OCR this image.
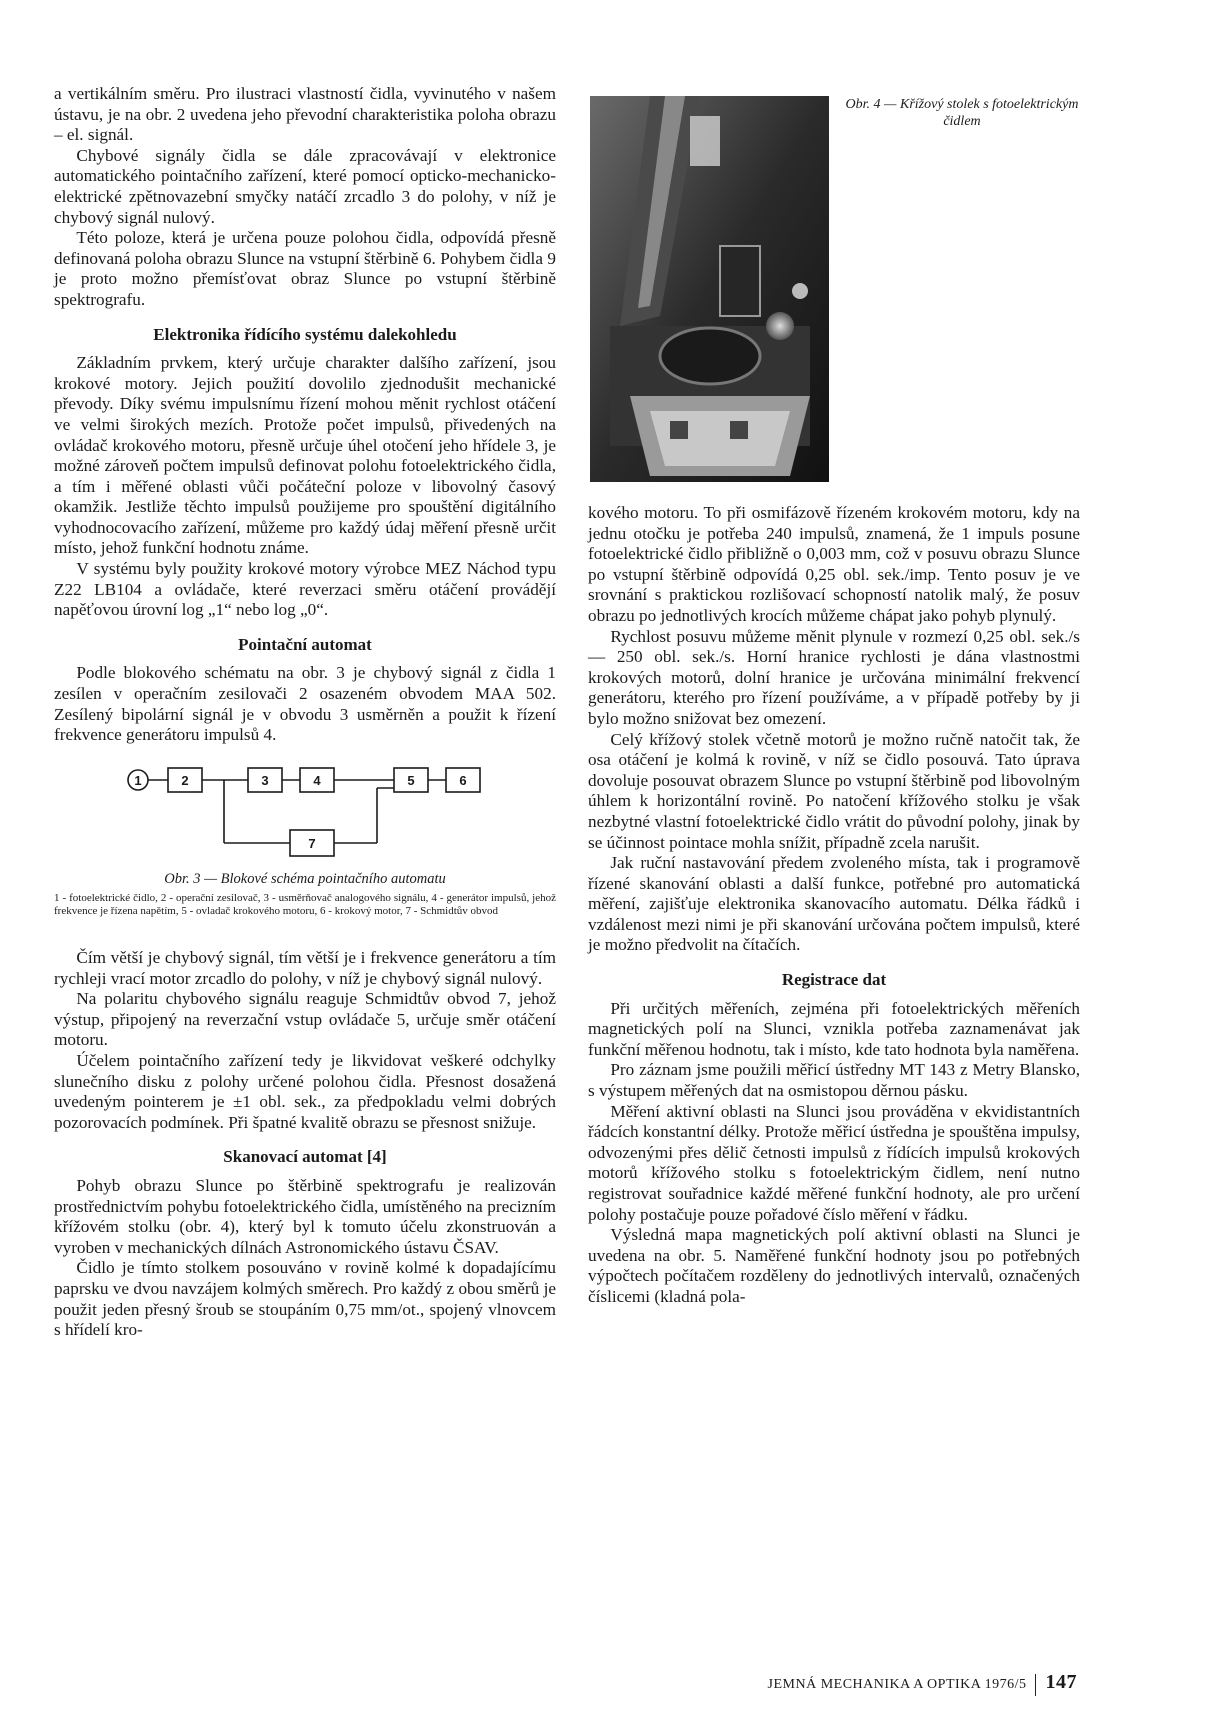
a vertikálním směru. Pro ilustraci vlastností čidla, vyvinutého v našem ústavu, je na obr. 2 uvedena jeho převodní charakteristika poloha obrazu – el. signál.

Chybové signály čidla se dále zpracovávají v elektronice automatického pointačního zařízení, které pomocí opticko-mechanicko-elektrické zpětnovazební smyčky natáčí zrcadlo 3 do polohy, v níž je chybový signál nulový.

Této poloze, která je určena pouze polohou čidla, odpovídá přesně definovaná poloha obrazu Slunce na vstupní štěrbině 6. Pohybem čidla 9 je proto možno přemísťovat obraz Slunce po vstupní štěrbině spektrografu.

Elektronika řídícího systému dalekohledu

Základním prvkem, který určuje charakter dalšího zařízení, jsou krokové motory. Jejich použití dovolilo zjednodušit mechanické převody. Díky svému impulsnímu řízení mohou měnit rychlost otáčení ve velmi širokých mezích. Protože počet impulsů, přivedených na ovládač krokového motoru, přesně určuje úhel otočení jeho hřídele 3, je možné zároveň počtem impulsů definovat polohu fotoelektrického čidla, a tím i měřené oblasti vůči počáteční poloze v libovolný časový okamžik. Jestliže těchto impulsů použijeme pro spouštění digitálního vyhodnocovacího zařízení, můžeme pro každý údaj měření přesně určit místo, jehož funkční hodnotu známe.

V systému byly použity krokové motory výrobce MEZ Náchod typu Z22 LB104 a ovládače, které reverzaci směru otáčení provádějí napěťovou úrovní log „1“ nebo log „0“.

Pointační automat

Podle blokového schématu na obr. 3 je chybový signál z čidla 1 zesílen v operačním zesilovači 2 osazeném obvodem MAA 502. Zesílený bipolární signál je v obvodu 3 usměrněn a použit k řízení frekvence generátoru impulsů 4.

1	2	3	4	5	6
7
Obr. 3 — Blokové schéma pointačního automatu
1 - fotoelektrické čidlo, 2 - operační zesilovač, 3 - usměrňovač analogového signálu, 4 - generátor impulsů, jehož frekvence je řízena napětím, 5 - ovladač krokového motoru, 6 - krokový motor, 7 - Schmidtův obvod

Čím větší je chybový signál, tím větší je i frekvence generátoru a tím rychleji vrací motor zrcadlo do polohy, v níž je chybový signál nulový.

Na polaritu chybového signálu reaguje Schmidtův obvod 7, jehož výstup, připojený na reverzační vstup ovládače 5, určuje směr otáčení motoru.

Účelem pointačního zařízení tedy je likvidovat veškeré odchylky slunečního disku z polohy určené polohou čidla. Přesnost dosažená uvedeným pointerem je ±1 obl. sek., za předpokladu velmi dobrých pozorovacích podmínek. Při špatné kvalitě obrazu se přesnost snižuje.

Skanovací automat [4]

Pohyb obrazu Slunce po štěrbině spektrografu je realizován prostřednictvím pohybu fotoelektrického čidla, umístěného na precizním křížovém stolku (obr. 4), který byl k tomuto účelu zkonstruován a vyroben v mechanických dílnách Astronomického ústavu ČSAV.

Čidlo je tímto stolkem posouváno v rovině kolmé k dopadajícímu paprsku ve dvou navzájem kolmých směrech. Pro každý z obou směrů je použit jeden přesný šroub se stoupáním 0,75 mm/ot., spojený vlnovcem s hřídelí kro-

Obr. 4 — Křížový stolek s fotoelektrickým čidlem

kového motoru. To při osmifázově řízeném krokovém motoru, kdy na jednu otočku je potřeba 240 impulsů, znamená, že 1 impuls posune fotoelektrické čidlo přibližně o 0,003 mm, což v posuvu obrazu Slunce po vstupní štěrbině odpovídá 0,25 obl. sek./imp. Tento posuv je ve srovnání s praktickou rozlišovací schopností natolik malý, že posuv obrazu po jednotlivých krocích můžeme chápat jako pohyb plynulý.

Rychlost posuvu můžeme měnit plynule v rozmezí 0,25 obl. sek./s — 250 obl. sek./s. Horní hranice rychlosti je dána vlastnostmi krokových motorů, dolní hranice je určována minimální frekvencí generátoru, kterého pro řízení používáme, a v případě potřeby by ji bylo možno snižovat bez omezení.

Celý křížový stolek včetně motorů je možno ručně natočit tak, že osa otáčení je kolmá k rovině, v níž se čidlo posouvá. Tato úprava dovoluje posouvat obrazem Slunce po vstupní štěrbině pod libovolným úhlem k horizontální rovině. Po natočení křížového stolku je však nezbytné vlastní fotoelektrické čidlo vrátit do původní polohy, jinak by se účinnost pointace mohla snížit, případně zcela narušit.

Jak ruční nastavování předem zvoleného místa, tak i programově řízené skanování oblasti a další funkce, potřebné pro automatická měření, zajišťuje elektronika skanovacího automatu. Délka řádků i vzdálenost mezi nimi je při skanování určována počtem impulsů, které je možno předvolit na čítačích.

Registrace dat

Při určitých měřeních, zejména při fotoelektrických měřeních magnetických polí na Slunci, vznikla potřeba zaznamenávat jak funkční měřenou hodnotu, tak i místo, kde tato hodnota byla naměřena.

Pro záznam jsme použili měřicí ústředny MT 143 z Metry Blansko, s výstupem měřených dat na osmistopou děrnou pásku.

Měření aktivní oblasti na Slunci jsou prováděna v ekvidistantních řádcích konstantní délky. Protože měřicí ústředna je spouštěna impulsy, odvozenými přes dělič četnosti impulsů z řídících impulsů krokových motorů křížového stolku s fotoelektrickým čidlem, není nutno registrovat souřadnice každé měřené funkční hodnoty, ale pro určení polohy postačuje pouze pořadové číslo měření v řádku.

Výsledná mapa magnetických polí aktivní oblasti na Slunci je uvedena na obr. 5. Naměřené funkční hodnoty jsou po potřebných výpočtech počítačem rozděleny do jednotlivých intervalů, označených číslicemi (kladná pola-

JEMNÁ MECHANIKA A OPTIKA 1976/5 147
